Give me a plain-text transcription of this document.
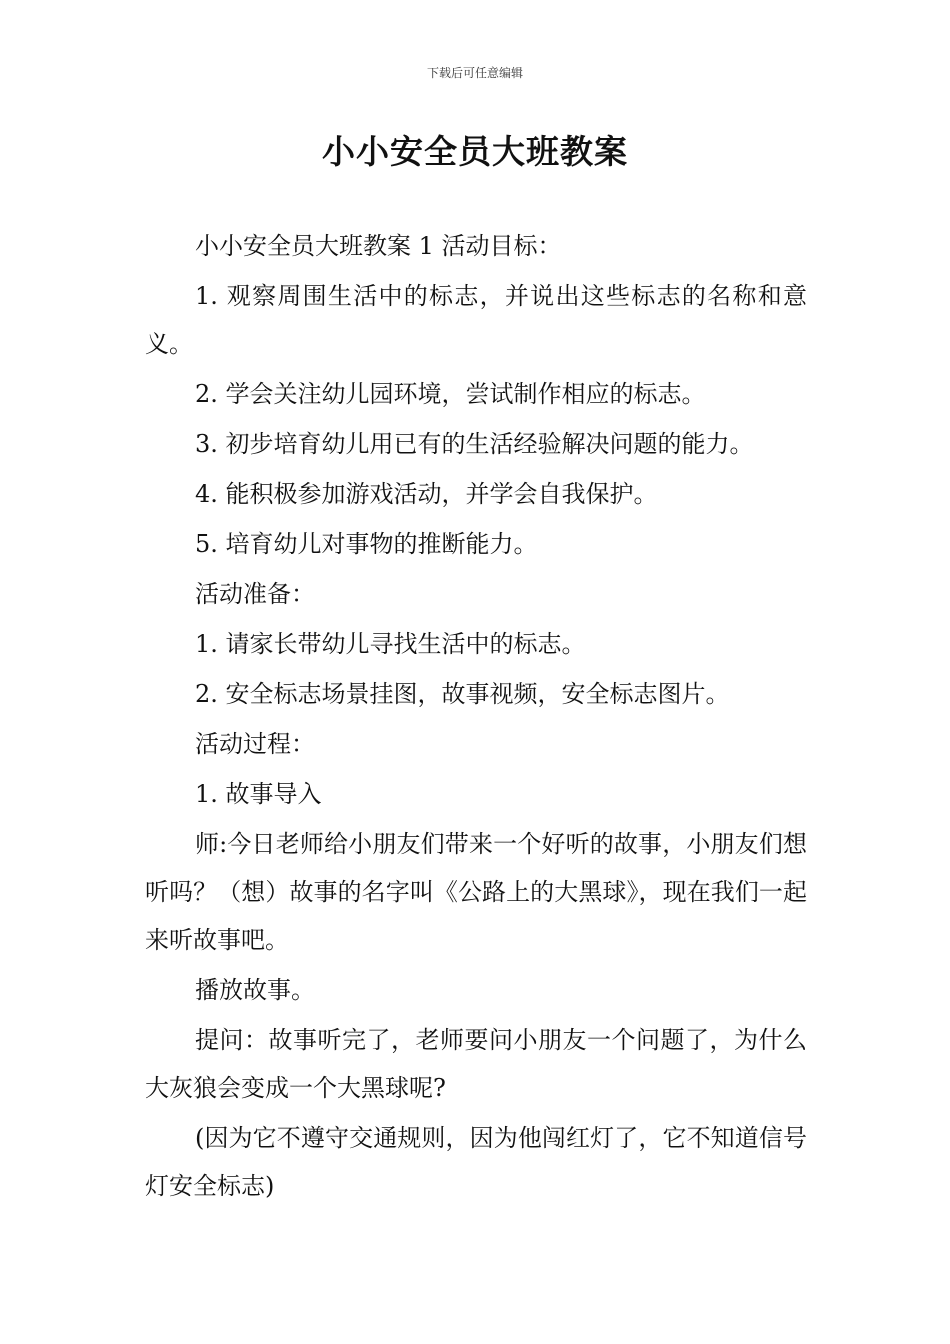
下载后可任意编辑
小小安全员大班教案

小小安全员大班教案 1 活动目标：

1. 观察周围生活中的标志，并说出这些标志的名称和意义。

2. 学会关注幼儿园环境，尝试制作相应的标志。

3. 初步培育幼儿用已有的生活经验解决问题的能力。

4. 能积极参加游戏活动，并学会自我保护。

5. 培育幼儿对事物的推断能力。

活动准备：

1. 请家长带幼儿寻找生活中的标志。

2. 安全标志场景挂图，故事视频，安全标志图片。

活动过程：

1. 故事导入

师:今日老师给小朋友们带来一个好听的故事，小朋友们想听吗？（想）故事的名字叫《公路上的大黑球》，现在我们一起来听故事吧。

播放故事。

提问：故事听完了，老师要问小朋友一个问题了，为什么大灰狼会变成一个大黑球呢?

(因为它不遵守交通规则，因为他闯红灯了，它不知道信号灯安全标志)
